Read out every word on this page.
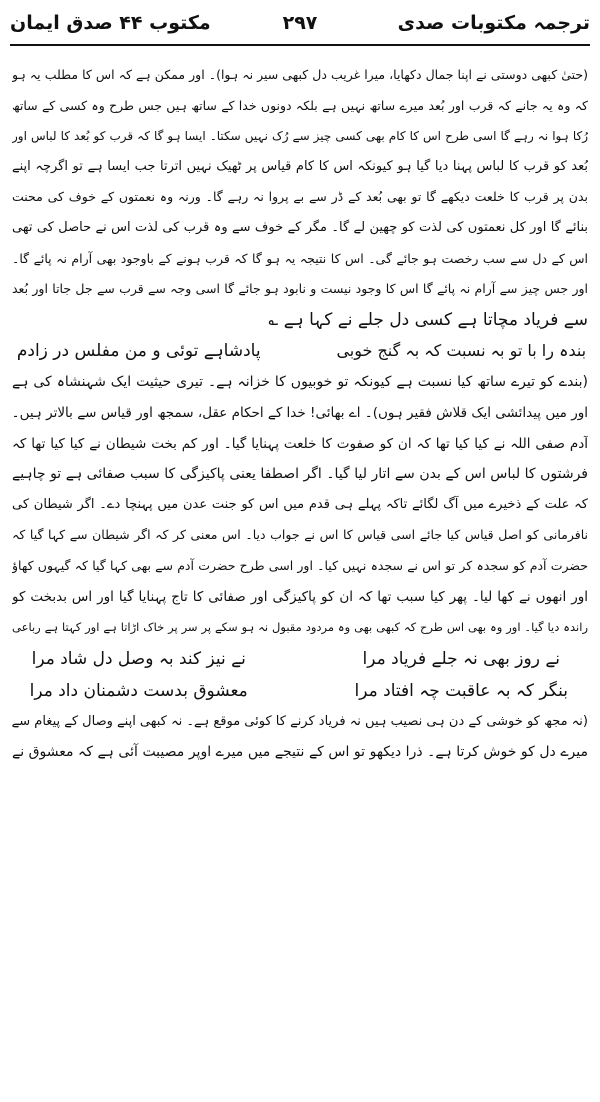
ترجمہ مکتوبات صدی
۲۹۷
مکتوب ۴۴ صدق ایمان
(حتیٰ کبھی دوستی نے اپنا جمال دکھایا، میرا غریب دل کبھی سیر نہ ہوا)۔ اور ممکن ہے کہ اس کا مطلب یہ ہو
کہ وہ یہ جانے کہ قرب اور بُعد میرے ساتھ نہیں ہے بلکہ دونوں خدا کے ساتھ ہیں جس طرح وہ کسی کے ساتھ
رُکا ہوا نہ رہے گا اسی طرح اس کا کام بھی کسی چیز سے رُک نہیں سکتا۔ ایسا ہو گا کہ قرب کو بُعد کا لباس اور
بُعد کو قرب کا لباس پہنا دیا گیا ہو کیونکہ اس کا کام قیاس پر ٹھیک نہیں اترتا جب ایسا ہے تو اگرچہ اپنے
بدن پر قرب کا خلعت دیکھے گا تو بھی بُعد کے ڈر سے بے پروا نہ رہے گا۔ ورنہ وہ نعمتوں کے خوف کی محنت
بنائے گا اور کل نعمتوں کی لذت کو چھین لے گا۔ مگر کے خوف سے وہ قرب کی لذت اس نے حاصل کی تھی
اس کے دل سے سب رخصت ہو جائے گی۔ اس کا نتیجہ یہ ہو گا کہ قرب ہونے کے باوجود بھی آرام نہ پائے گا۔
اور جس چیز سے آرام نہ پائے گا اس کا وجود نیست و نابود ہو جائے گا اسی وجہ سے قرب سے جل جاتا اور بُعد
سے فریاد مچاتا ہے کسی دل جلے نے کہا ہے ؎
بندہ را با تو بہ نسبت کہ بہ گنج خوبی
پادشاہے توئی و من مفلس در زادم
(بندے کو تیرے ساتھ کیا نسبت ہے کیونکہ تو خوبیوں کا خزانہ ہے۔ تیری حیثیت ایک شہنشاہ کی ہے
اور میں پیدائشی ایک قلاش فقیر ہوں)۔ اے بھائی! خدا کے احکام عقل، سمجھ اور قیاس سے بالاتر ہیں۔
آدم صفی اللہ نے کیا کیا تھا کہ ان کو صفوت کا خلعت پہنایا گیا۔ اور کم بخت شیطان نے کیا کیا تھا کہ
فرشتوں کا لباس اس کے بدن سے اتار لیا گیا۔ اگر اصطفا یعنی پاکیزگی کا سبب صفائی ہے تو چاہیے
کہ علت کے ذخیرے میں آگ لگائے تاکہ پہلے ہی قدم میں اس کو جنت عدن میں پہنچا دے۔ اگر شیطان کی
نافرمانی کو اصل قیاس کیا جائے اسی قیاس کا اس نے جواب دیا۔ اس معنی کر کہ اگر شیطان سے کہا گیا کہ
حضرت آدم کو سجدہ کر تو اس نے سجدہ نہیں کیا۔ اور اسی طرح حضرت آدم سے بھی کہا گیا کہ گیہوں کھاؤ
اور انھوں نے کھا لیا۔ پھر کیا سبب تھا کہ ان کو پاکیزگی اور صفائی کا تاج پہنایا گیا اور اس بدبخت کو
راندہ دیا گیا۔ اور وہ بھی اس طرح کہ کبھی بھی وہ مردود مقبول نہ ہو سکے پر سر پر خاک اڑاتا ہے اور کہتا ہے رباعی
نے روز بھی نہ جلے فریاد مرا
نے نیز کند بہ وصل دل شاد مرا
بنگر کہ بہ عاقبت چہ افتاد مرا
معشوق بدست دشمنان داد مرا
(نہ مجھ کو خوشی کے دن ہی نصیب ہیں نہ فریاد کرنے کا کوئی موقع ہے۔ نہ کبھی اپنے وصال کے پیغام سے
میرے دل کو خوش کرتا ہے۔ ذرا دیکھو تو اس کے نتیجے میں میرے اوپر مصیبت آئی ہے کہ معشوق نے
